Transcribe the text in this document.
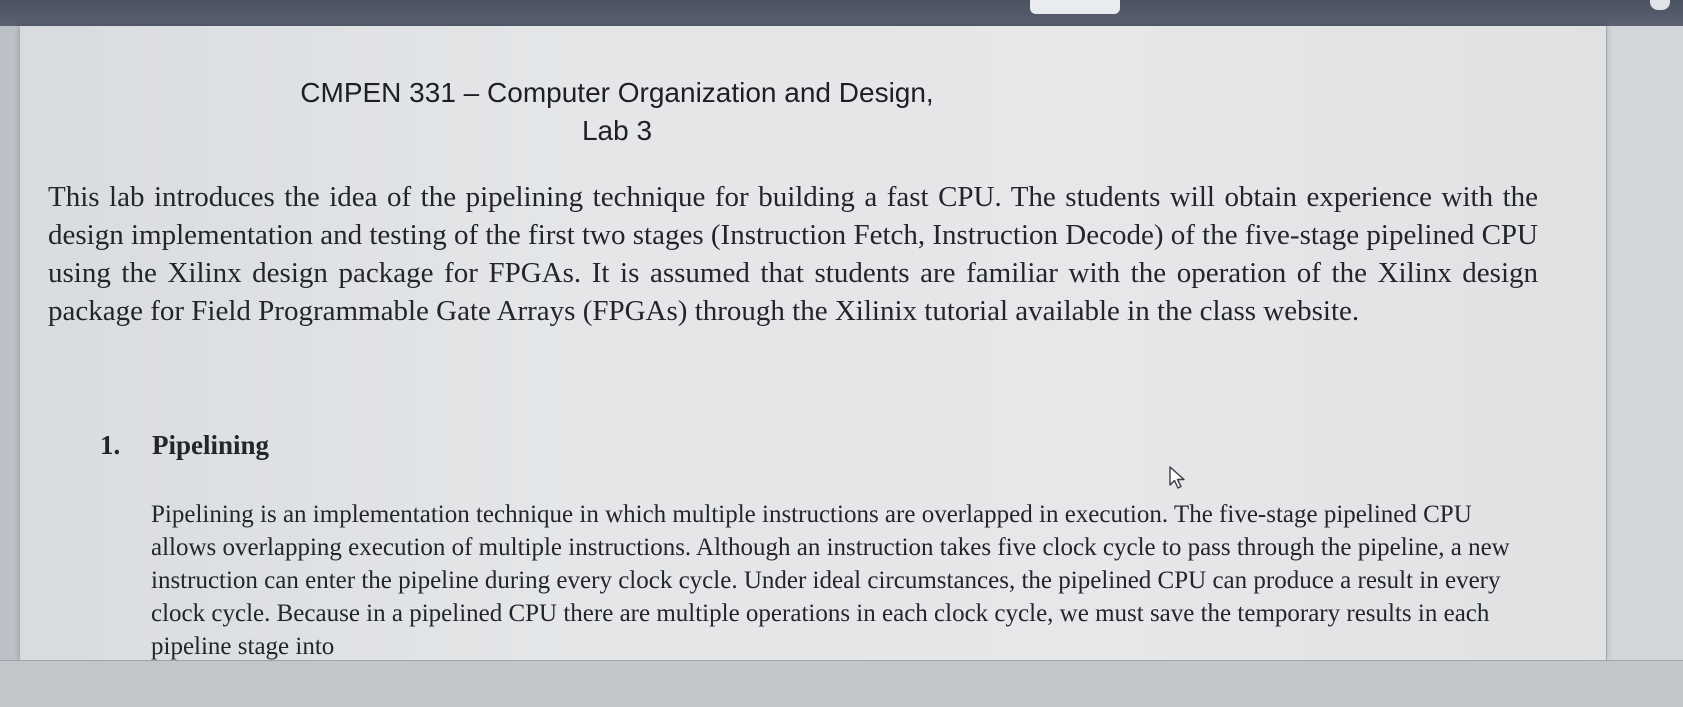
CMPEN 331 – Computer Organization and Design,
Lab 3

This lab introduces the idea of the pipelining technique for building a fast CPU. The students will obtain experience with the design implementation and testing of the first two stages (Instruction Fetch, Instruction Decode) of the five-stage pipelined CPU using the Xilinx design package for FPGAs. It is assumed that students are familiar with the operation of the Xilinx design package for Field Programmable Gate Arrays (FPGAs) through the Xilinix tutorial available in the class website.

1. Pipelining

Pipelining is an implementation technique in which multiple instructions are overlapped in execution. The five-stage pipelined CPU allows overlapping execution of multiple instructions. Although an instruction takes five clock cycle to pass through the pipeline, a new instruction can enter the pipeline during every clock cycle. Under ideal circumstances, the pipelined CPU can produce a result in every clock cycle. Because in a pipelined CPU there are multiple operations in each clock cycle, we must save the temporary results in each pipeline stage into
